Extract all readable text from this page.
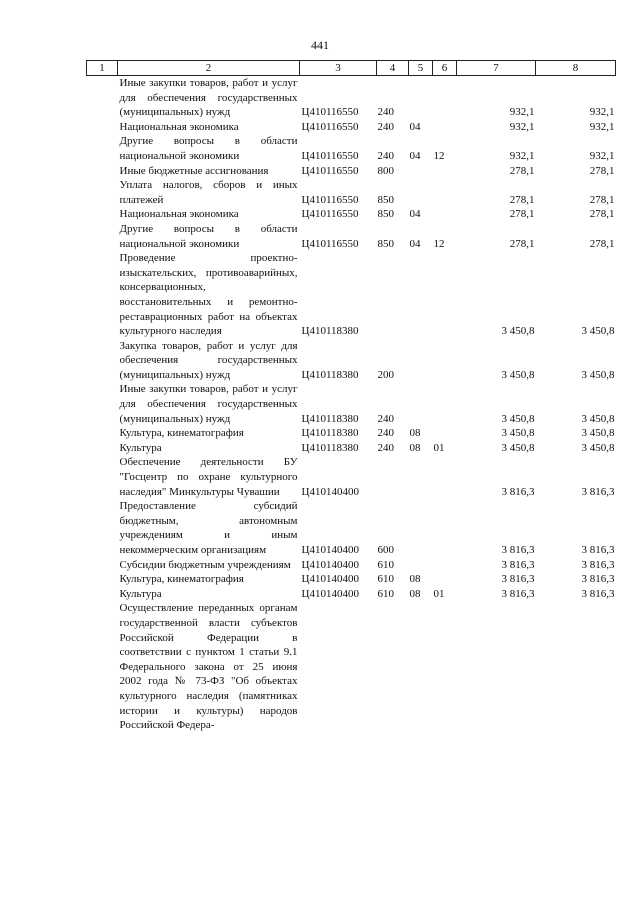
441
1	2	3	4	5	6	7	8
	Иные закупки товаров, работ и услуг для обеспечения государственных (муниципальных) нужд	Ц410116550	240			932,1	932,1
	Национальная экономика	Ц410116550	240	04		932,1	932,1
	Другие вопросы в области национальной экономики	Ц410116550	240	04	12	932,1	932,1
	Иные бюджетные ассигнования	Ц410116550	800			278,1	278,1
	Уплата налогов, сборов и иных платежей	Ц410116550	850			278,1	278,1
	Национальная экономика	Ц410116550	850	04		278,1	278,1
	Другие вопросы в области национальной экономики	Ц410116550	850	04	12	278,1	278,1
	Проведение проектно-изыскательских, противоаварийных, консервационных, восстановительных и ремонтно-реставрационных работ на объектах культурного наследия	Ц410118380				3 450,8	3 450,8
	Закупка товаров, работ и услуг для обеспечения государственных (муниципальных) нужд	Ц410118380	200			3 450,8	3 450,8
	Иные закупки товаров, работ и услуг для обеспечения государственных (муниципальных) нужд	Ц410118380	240			3 450,8	3 450,8
	Культура, кинематография	Ц410118380	240	08		3 450,8	3 450,8
	Культура	Ц410118380	240	08	01	3 450,8	3 450,8
	Обеспечение деятельности БУ "Госцентр по охране культурного наследия" Минкультуры Чувашии	Ц410140400				3 816,3	3 816,3
	Предоставление субсидий бюджетным, автономным учреждениям и иным некоммерческим организациям	Ц410140400	600			3 816,3	3 816,3
	Субсидии бюджетным учреждениям	Ц410140400	610			3 816,3	3 816,3
	Культура, кинематография	Ц410140400	610	08		3 816,3	3 816,3
	Культура	Ц410140400	610	08	01	3 816,3	3 816,3
	Осуществление переданных органам государственной власти субъектов Российской Федерации в соответствии с пунктом 1 статьи 9.1 Федерального закона от 25 июня 2002 года № 73-ФЗ "Об объектах культурного наследия (памятниках истории и культуры) народов Российской Федера-						
